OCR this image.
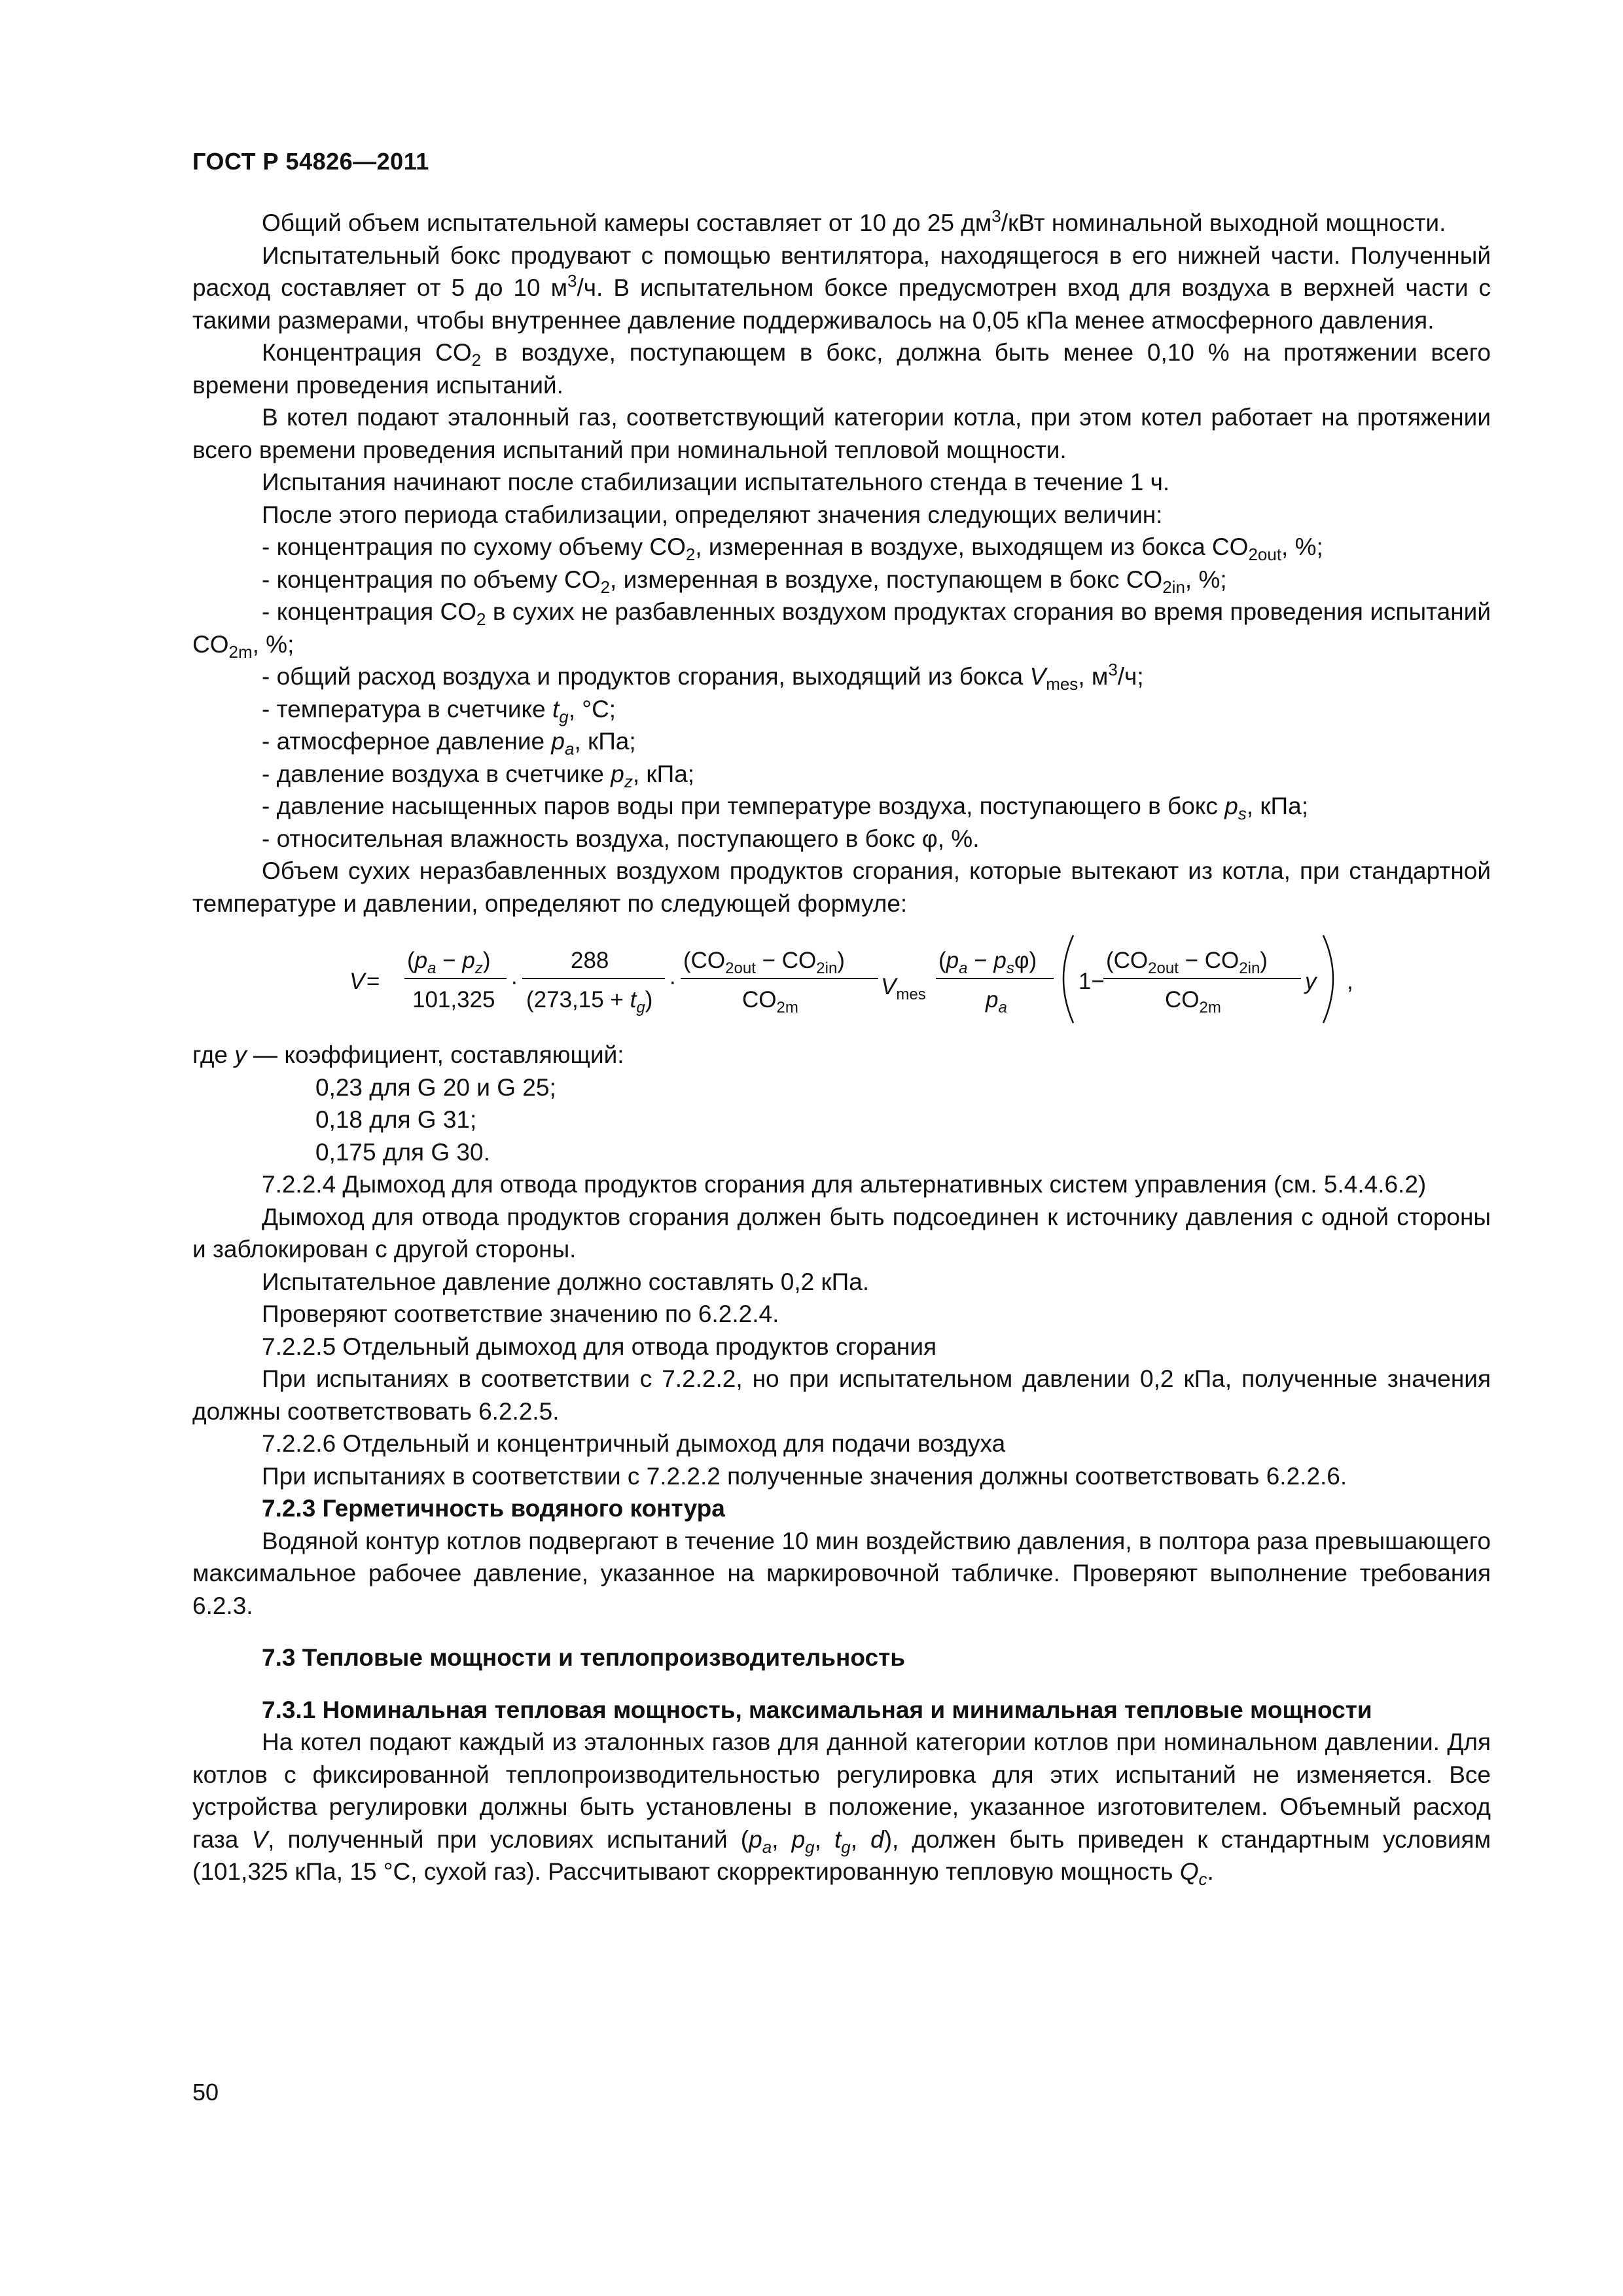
ГОСТ Р 54826—2011

Общий объем испытательной камеры составляет от 10 до 25 $дм^3$/кВт номинальной выходной мощности.

Испытательный бокс продувают с помощью вентилятора, находящегося в его нижней части. Полученный расход составляет от 5 до 10 $м^3/ч$. В испытательном боксе предусмотрен вход для воздуха в верхней части с такими размерами, чтобы внутреннее давление поддерживалось на 0,05 кПа менее атмосферного давления.

Концентрация $CO_2$ в воздухе, поступающем в бокс, должна быть менее 0,10 % на протяжении всего времени проведения испытаний.

В котел подают эталонный газ, соответствующий категории котла, при этом котел работает на протяжении всего времени проведения испытаний при номинальной тепловой мощности.

Испытания начинают после стабилизации испытательного стенда в течение 1 ч.

После этого периода стабилизации, определяют значения следующих величин:

- концентрация по сухому объему $CO_2$, измеренная в воздухе, выходящем из бокса $CO_{2out}$, %;

- концентрация по объему $CO_2$, измеренная в воздухе, поступающем в бокс $CO_{2in}$, %;

- концентрация $CO_2$ в сухих не разбавленных воздухом продуктах сгорания во время проведения испытаний $CO_{2m}$, %;

- общий расход воздуха и продуктов сгорания, выходящий из бокса $V_{mes}$, $м^3/ч$;

- температура в счетчике $t_g$, °С;

- атмосферное давление $p_a$, кПа;

- давление воздуха в счетчике $p_z$, кПа;

- давление насыщенных паров воды при температуре воздуха, поступающего в бокс $p_s$, кПа;

- относительная влажность воздуха, поступающего в бокс φ, %.

Объем сухих неразбавленных воздухом продуктов сгорания, которые вытекают из котла, при стандартной температуре и давлении, определяют по следующей формуле:

V =
$(p_a - p_z)$
101,325
·
288
$(273,15 + t_g)$
·
$(CO_{2out} - CO_{2in})$
$CO_{2m}$
$V_{mes}$
$(p_a - p_s\varphi)$
$p_a$
1−
$(CO_{2out} - CO_{2in})$
$CO_{2m}$
y ,

где у — коэффициент, составляющий:

0,23 для G 20 и G 25;

0,18 для G 31;

0,175 для G 30.

7.2.2.4 Дымоход для отвода продуктов сгорания для альтернативных систем управления (см. 5.4.4.6.2)

Дымоход для отвода продуктов сгорания должен быть подсоединен к источнику давления с одной стороны и заблокирован с другой стороны.

Испытательное давление должно составлять 0,2 кПа.

Проверяют соответствие значению по 6.2.2.4.

7.2.2.5 Отдельный дымоход для отвода продуктов сгорания

При испытаниях в соответствии с 7.2.2.2, но при испытательном давлении 0,2 кПа, полученные значения должны соответствовать 6.2.2.5.

7.2.2.6 Отдельный и концентричный дымоход для подачи воздуха

При испытаниях в соответствии с 7.2.2.2 полученные значения должны соответствовать 6.2.2.6.

7.2.3 Герметичность водяного контура

Водяной контур котлов подвергают в течение 10 мин воздействию давления, в полтора раза превышающего максимальное рабочее давление, указанное на маркировочной табличке. Проверяют выполнение требования 6.2.3.

7.3 Тепловые мощности и теплопроизводительность

7.3.1 Номинальная тепловая мощность, максимальная и минимальная тепловые мощности

На котел подают каждый из эталонных газов для данной категории котлов при номинальном давлении. Для котлов с фиксированной теплопроизводительностью регулировка для этих испытаний не изменяется. Все устройства регулировки должны быть установлены в положение, указанное изготовителем. Объемный расход газа V, полученный при условиях испытаний ($p_a$, $p_g$, $t_g$, d), должен быть приведен к стандартным условиям (101,325 кПа, 15 °С, сухой газ). Рассчитывают скорректированную тепловую мощность $Q_c$.

50
